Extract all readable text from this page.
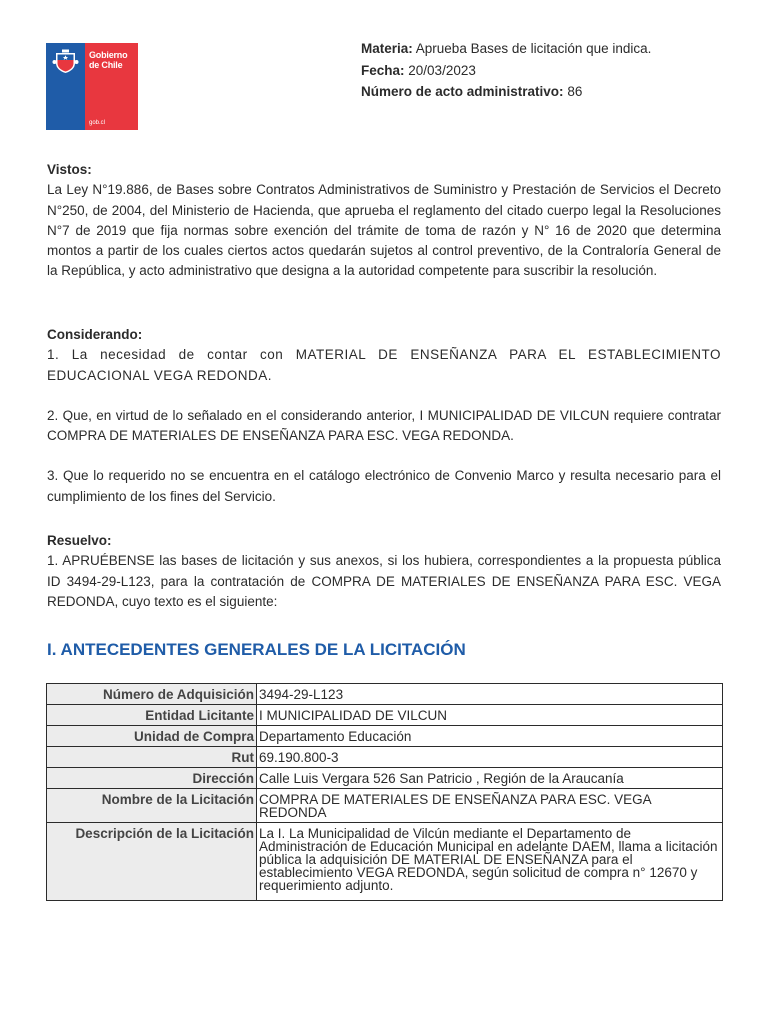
Gobierno
de Chile
gob.cl
Materia: Aprueba Bases de licitación que indica.
Fecha: 20/03/2023
Número de acto administrativo: 86
Vistos:
La Ley N°19.886, de Bases sobre Contratos Administrativos de Suministro y Prestación de Servicios el Decreto N°250, de 2004, del Ministerio de Hacienda, que aprueba el reglamento del citado cuerpo legal la Resoluciones N°7 de 2019 que fija normas sobre exención del trámite de toma de razón y N° 16 de 2020 que determina montos a partir de los cuales ciertos actos quedarán sujetos al control preventivo, de la Contraloría General de la República, y acto administrativo que designa a la autoridad competente para suscribir la resolución.
Considerando:
1. La necesidad de contar con MATERIAL DE ENSEÑANZA PARA EL ESTABLECIMIENTO EDUCACIONAL VEGA REDONDA.
2. Que, en virtud de lo señalado en el considerando anterior, I MUNICIPALIDAD DE VILCUN requiere contratar COMPRA DE MATERIALES DE ENSEÑANZA PARA ESC. VEGA REDONDA.
3. Que lo requerido no se encuentra en el catálogo electrónico de Convenio Marco y resulta necesario para el cumplimiento de los fines del Servicio.
Resuelvo:
1. APRUÉBENSE las bases de licitación y sus anexos, si los hubiera, correspondientes a la propuesta pública ID 3494-29-L123, para la contratación de COMPRA DE MATERIALES DE ENSEÑANZA PARA ESC. VEGA REDONDA, cuyo texto es el siguiente:
I. ANTECEDENTES GENERALES DE LA LICITACIÓN
Número de Adquisición	3494-29-L123
Entidad Licitante	I MUNICIPALIDAD DE VILCUN
Unidad de Compra	Departamento Educación
Rut	69.190.800-3
Dirección	Calle Luis Vergara 526 San Patricio , Región de la Araucanía
Nombre de la Licitación	COMPRA DE MATERIALES DE ENSEÑANZA PARA ESC. VEGA REDONDA
Descripción de la Licitación	La I. La Municipalidad de Vilcún mediante el Departamento de Administración de Educación Municipal en adelante DAEM, llama a licitación pública la adquisición DE MATERIAL DE ENSEÑANZA para el establecimiento VEGA REDONDA, según solicitud de compra n° 12670 y requerimiento adjunto.
